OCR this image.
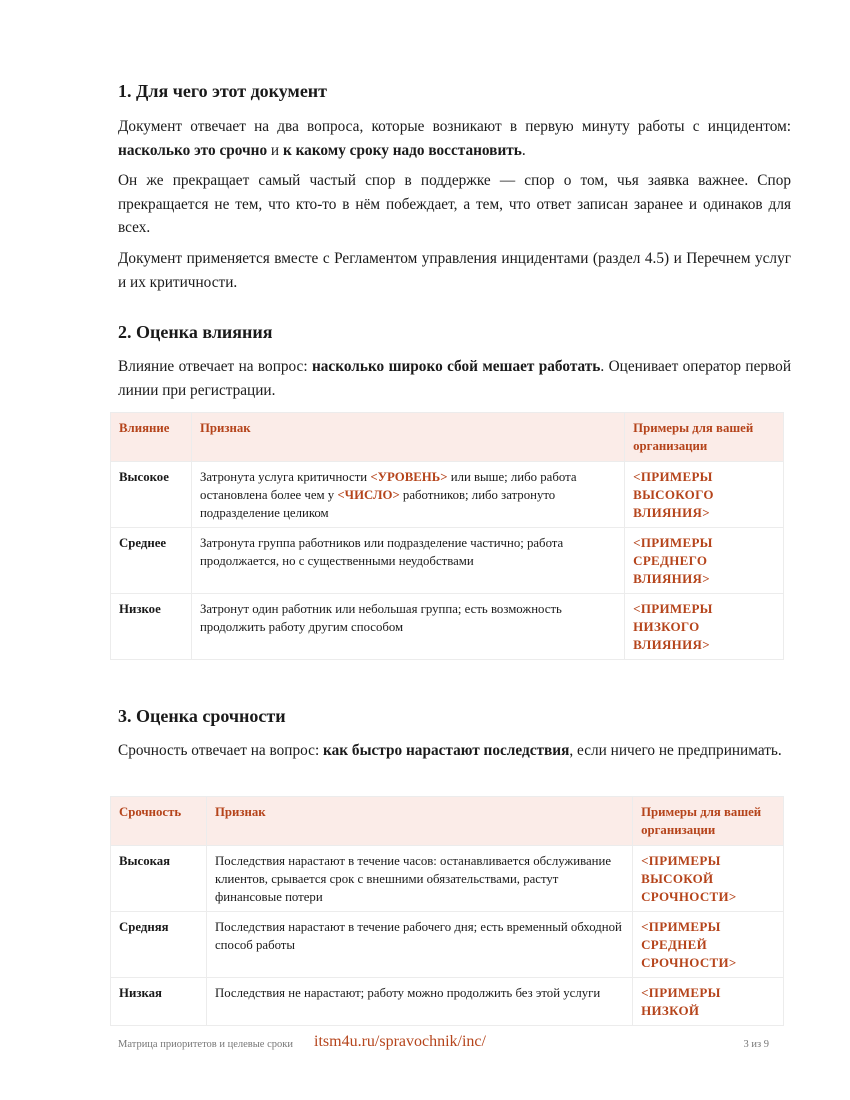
1. Для чего этот документ

Документ отвечает на два вопроса, которые возникают в первую минуту работы с инцидентом: насколько это срочно и к какому сроку надо восстановить.

Он же прекращает самый частый спор в поддержке — спор о том, чья заявка важнее. Спор прекращается не тем, что кто-то в нём побеждает, а тем, что ответ записан заранее и одинаков для всех.

Документ применяется вместе с Регламентом управления инцидентами (раздел 4.5) и Перечнем услуг и их критичности.

2. Оценка влияния

Влияние отвечает на вопрос: насколько широко сбой мешает работать. Оценивает оператор первой линии при регистрации.

Влияние	Признак	Примеры для вашей организации
Высокое	Затронута услуга критичности <УРОВЕНЬ> или выше; либо работа остановлена более чем у <ЧИСЛО> работников; либо затронуто подразделение целиком	<ПРИМЕРЫ ВЫСОКОГО ВЛИЯНИЯ>
Среднее	Затронута группа работников или подразделение частично; работа продолжается, но с существенными неудобствами	<ПРИМЕРЫ СРЕДНЕГО ВЛИЯНИЯ>
Низкое	Затронут один работник или небольшая группа; есть возможность продолжить работу другим способом	<ПРИМЕРЫ НИЗКОГО ВЛИЯНИЯ>
3. Оценка срочности

Срочность отвечает на вопрос: как быстро нарастают последствия, если ничего не предпринимать.

Срочность	Признак	Примеры для вашей организации
Высокая	Последствия нарастают в течение часов: останавливается обслуживание клиентов, срывается срок с внешними обязательствами, растут финансовые потери	<ПРИМЕРЫ ВЫСОКОЙ СРОЧНОСТИ>
Средняя	Последствия нарастают в течение рабочего дня; есть временный обходной способ работы	<ПРИМЕРЫ СРЕДНЕЙ СРОЧНОСТИ>
Низкая	Последствия не нарастают; работу можно продолжить без этой услуги	<ПРИМЕРЫ НИЗКОЙ
Матрица приоритетов и целевые сроки itsm4u.ru/spravochnik/inc/	3 из 9
